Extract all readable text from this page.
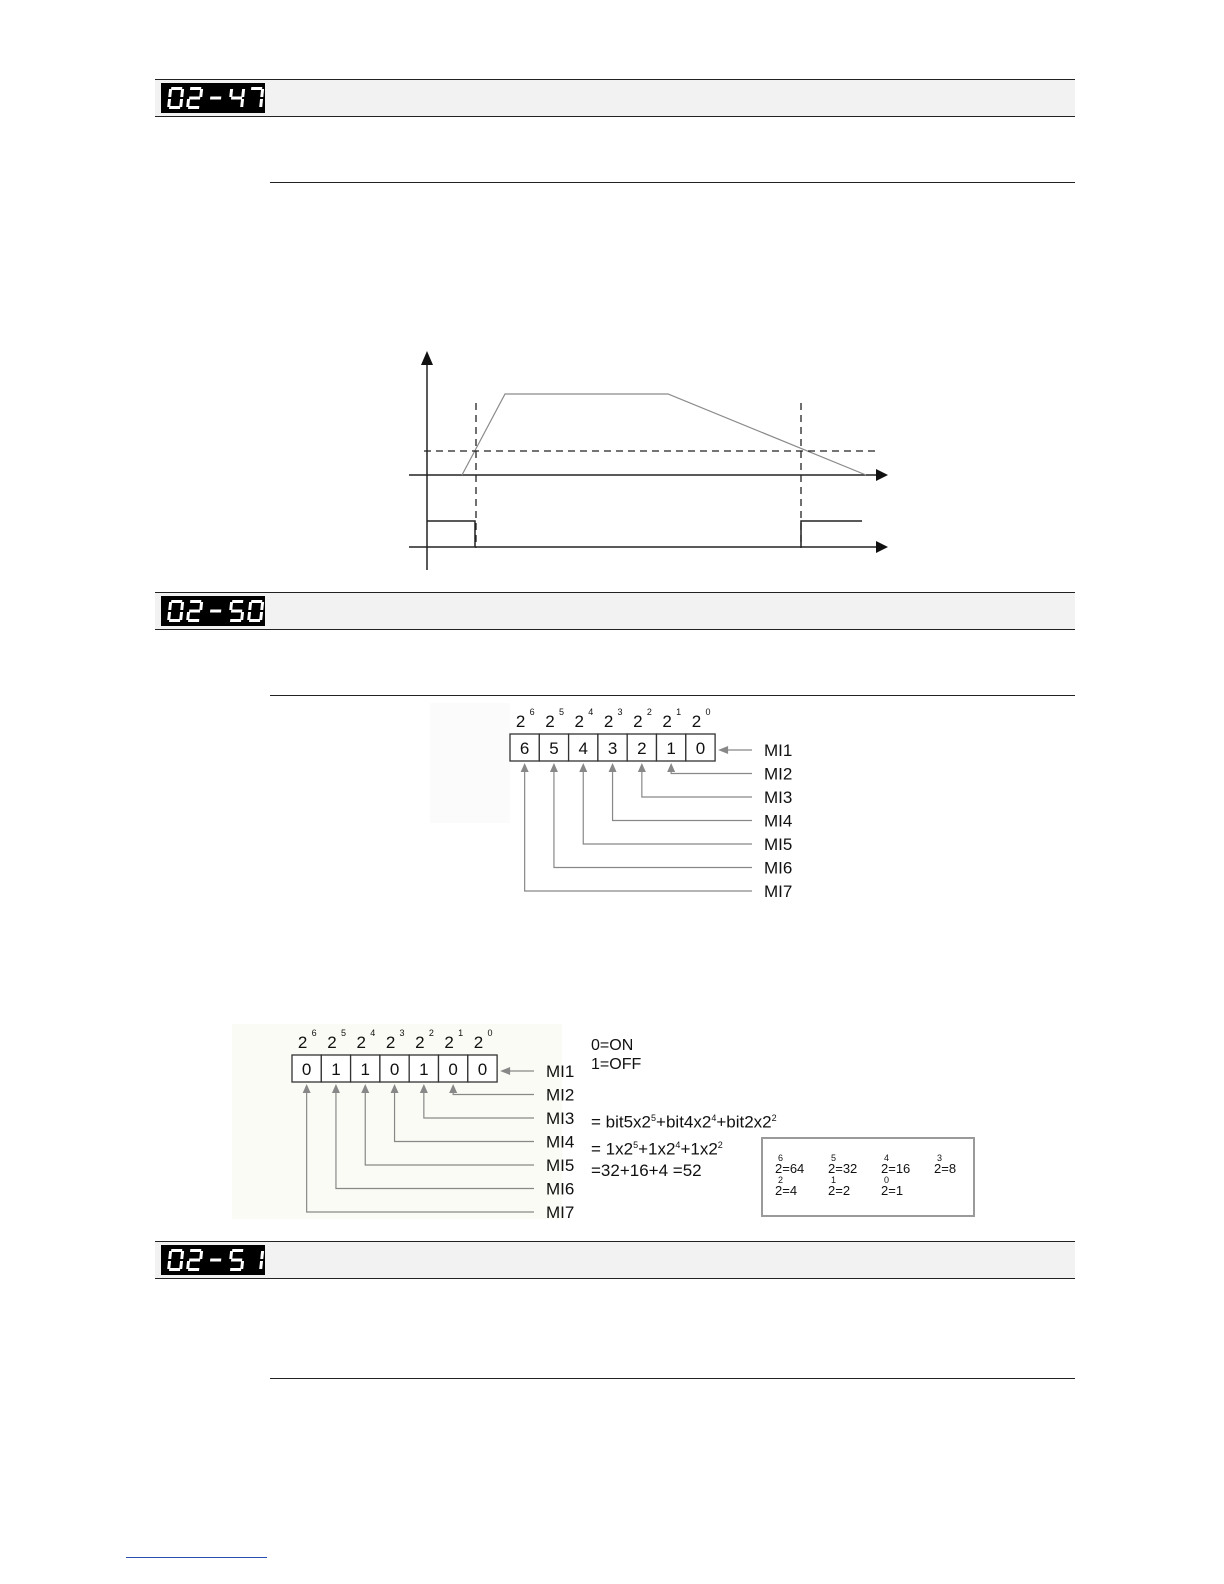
2 6 2 5 2 4 2 3 2 2 2 1 2 0
6 5 4 3 2 1 0	MI1
MI2
MI3
MI4
MI5
MI6
MI7
2 6 2 5 2 4 2 3 2 2 2 1 2 0
0 1 1 0 1 0 0	MI1
MI2
MI3
MI4
MI5
MI6
MI7
0=ON
1=OFF
= $bit5x2^5+bit4x2^4+bit2x2^2$
= $1x2^5+1x2^4+1x2^2$
=32+16+4 =52
6
2=64
5
2=32
4
2=16
3
2=8
2
2=4
1
2=2
0
2=1
